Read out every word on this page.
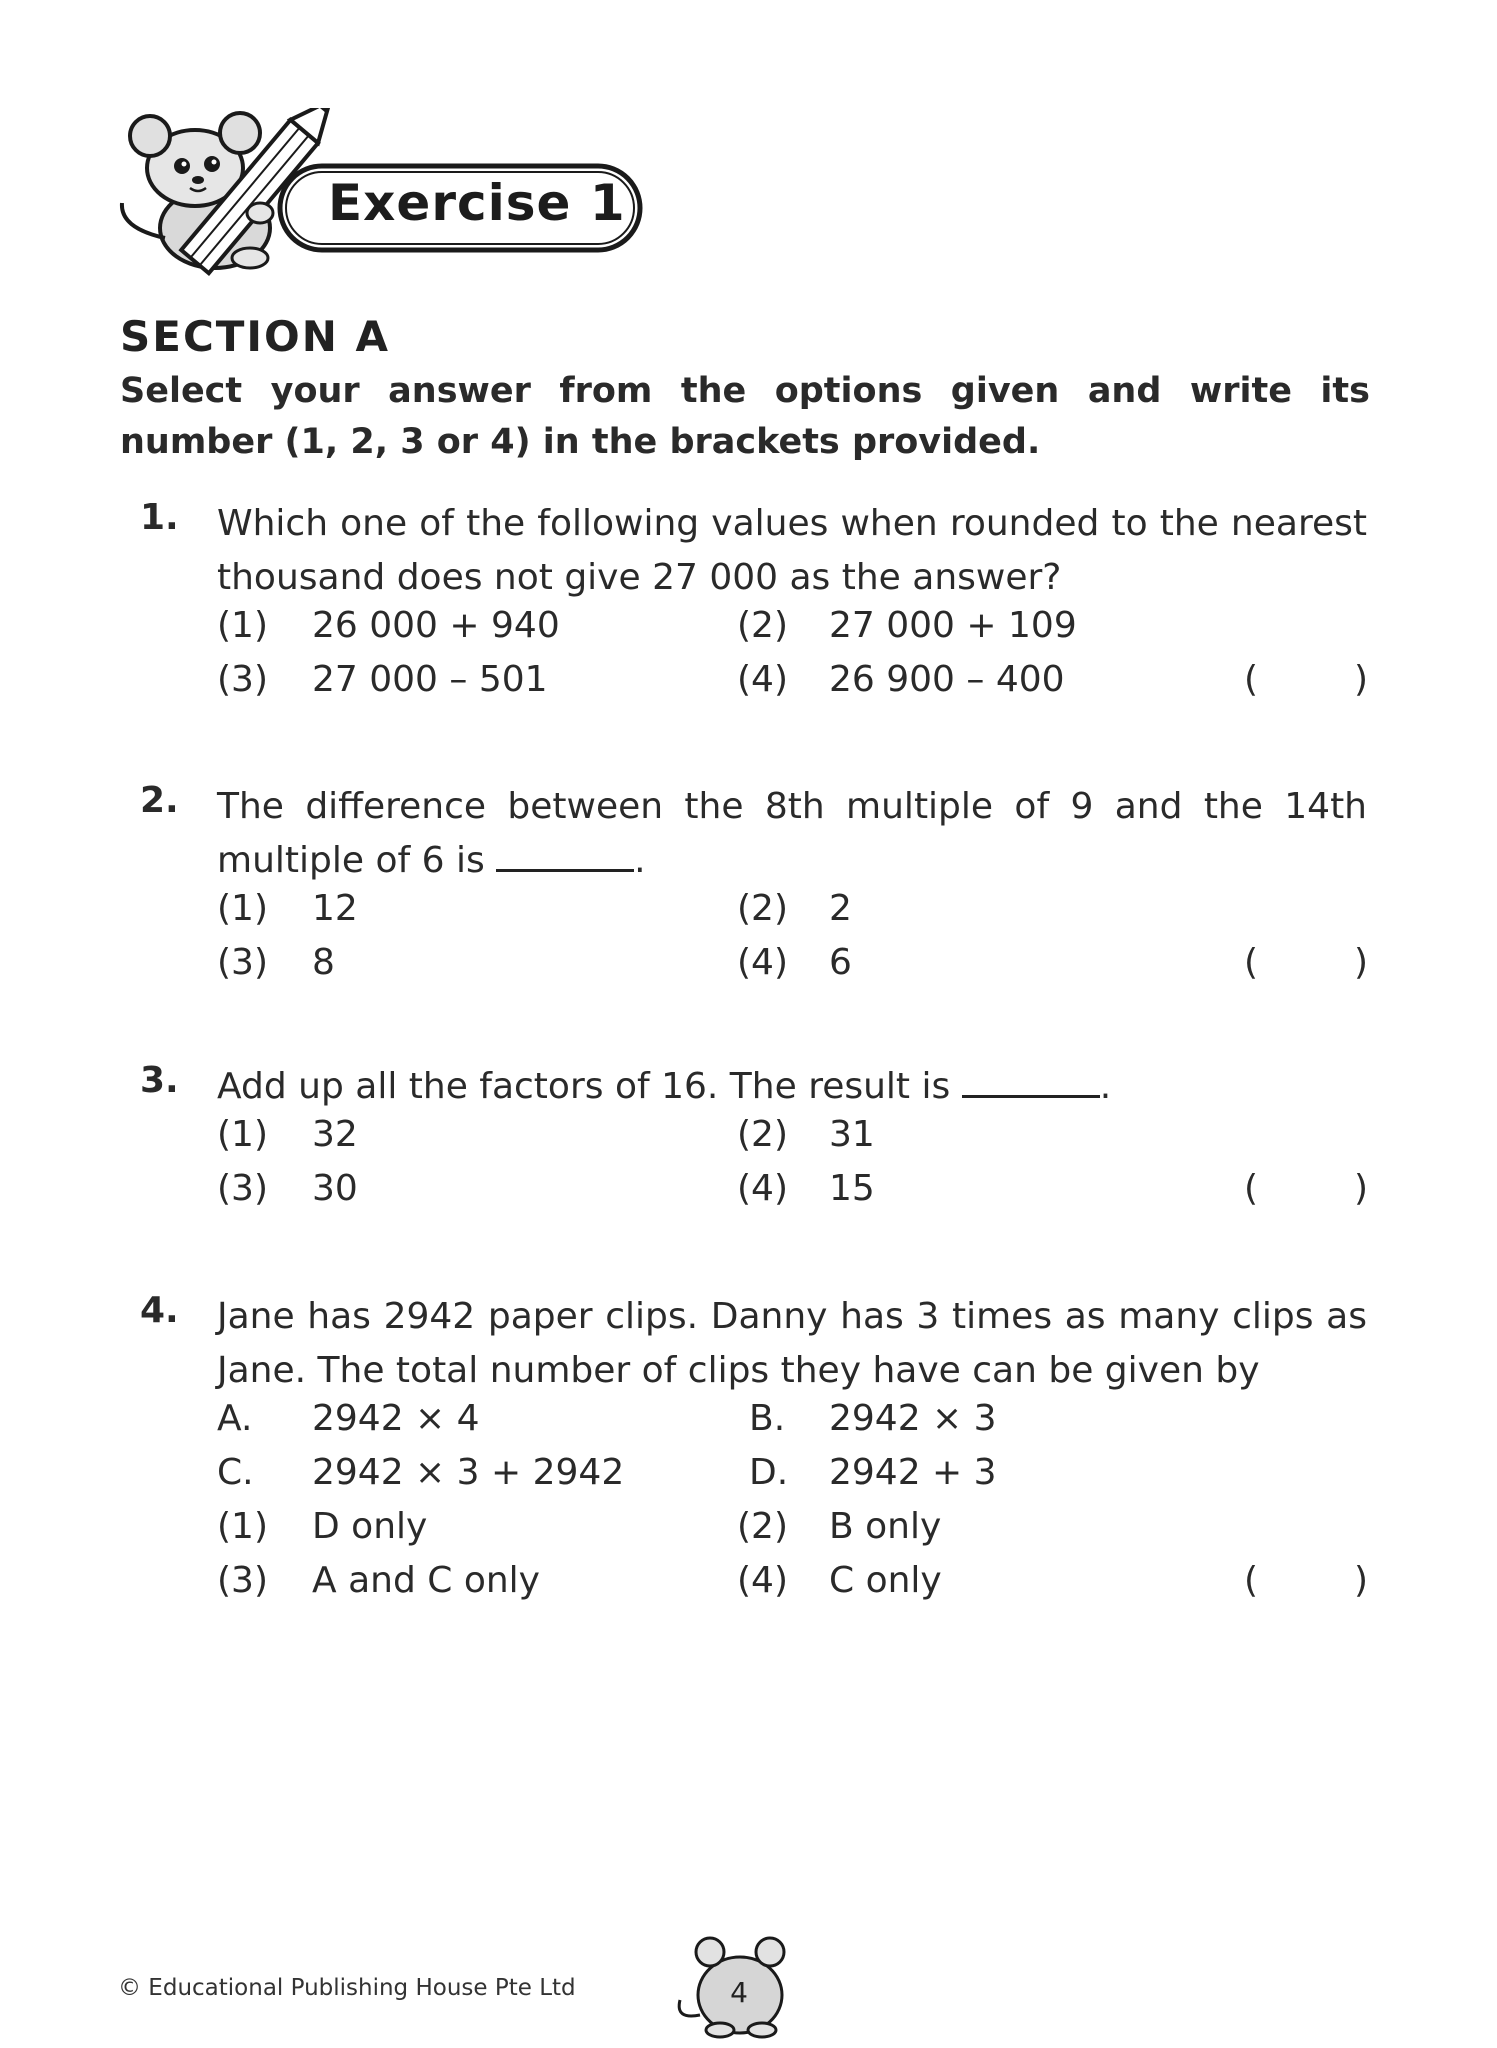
Exercise 1
SECTION A
Select your answer from the options given and write its number (1, 2, 3 or 4) in the brackets provided.
1. Which one of the following values when rounded to the nearest thousand does not give 27 000 as the answer?
(1) 26 000 + 940	(2) 27 000 + 109
(3) 27 000 – 501	(4) 26 900 – 400	(	)
2. The difference between the 8th multiple of 9 and the 14th multiple of 6 is	.
(1) 12	(2) 2
(3) 8	(4) 6	(	)
3. Add up all the factors of 16. The result is	.
(1) 32	(2) 31
(3) 30	(4) 15	(	)
4. Jane has 2942 paper clips. Danny has 3 times as many clips as Jane. The total number of clips they have can be given by
A. 2942 × 4	B. 2942 × 3
C. 2942 × 3 + 2942	D. 2942 + 3
(1) D only	(2) B only
(3) A and C only	(4) C only	(	)
© Educational Publishing House Pte Ltd	4
